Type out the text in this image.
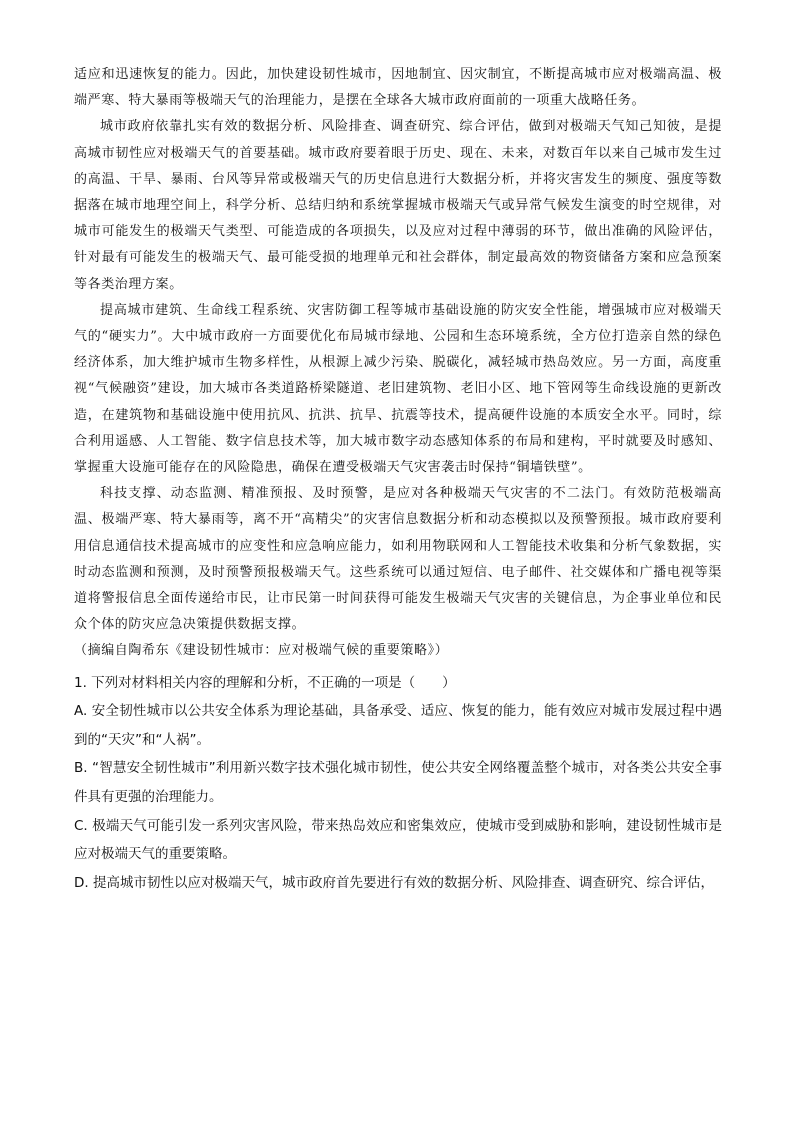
适应和迅速恢复的能力。因此，加快建设韧性城市，因地制宜、因灾制宜，不断提高城市应对极端高温、极端严寒、特大暴雨等极端天气的治理能力，是摆在全球各大城市政府面前的一项重大战略任务。

城市政府依靠扎实有效的数据分析、风险排查、调查研究、综合评估，做到对极端天气知己知彼，是提高城市韧性应对极端天气的首要基础。城市政府要着眼于历史、现在、未来，对数百年以来自己城市发生过的高温、干旱、暴雨、台风等异常或极端天气的历史信息进行大数据分析，并将灾害发生的频度、强度等数据落在城市地理空间上，科学分析、总结归纳和系统掌握城市极端天气或异常气候发生演变的时空规律，对城市可能发生的极端天气类型、可能造成的各项损失，以及应对过程中薄弱的环节，做出准确的风险评估，针对最有可能发生的极端天气、最可能受损的地理单元和社会群体，制定最高效的物资储备方案和应急预案等各类治理方案。

提高城市建筑、生命线工程系统、灾害防御工程等城市基础设施的防灾安全性能，增强城市应对极端天气的“硬实力”。大中城市政府一方面要优化布局城市绿地、公园和生态环境系统，全方位打造亲自然的绿色经济体系，加大维护城市生物多样性，从根源上减少污染、脱碳化，减轻城市热岛效应。另一方面，高度重视“气候融资”建设，加大城市各类道路桥梁隧道、老旧建筑物、老旧小区、地下管网等生命线设施的更新改造，在建筑物和基础设施中使用抗风、抗洪、抗旱、抗震等技术，提高硬件设施的本质安全水平。同时，综合利用遥感、人工智能、数字信息技术等，加大城市数字动态感知体系的布局和建构，平时就要及时感知、掌握重大设施可能存在的风险隐患，确保在遭受极端天气灾害袭击时保持“铜墙铁壁”。

科技支撑、动态监测、精准预报、及时预警，是应对各种极端天气灾害的不二法门。有效防范极端高温、极端严寒、特大暴雨等，离不开“高精尖”的灾害信息数据分析和动态模拟以及预警预报。城市政府要利用信息通信技术提高城市的应变性和应急响应能力，如利用物联网和人工智能技术收集和分析气象数据，实时动态监测和预测，及时预警预报极端天气。这些系统可以通过短信、电子邮件、社交媒体和广播电视等渠道将警报信息全面传递给市民，让市民第一时间获得可能发生极端天气灾害的关键信息，为企事业单位和民众个体的防灾应急决策提供数据支撑。

（摘编自陶希东《建设韧性城市：应对极端气候的重要策略》）

1. 下列对材料相关内容的理解和分析，不正确的一项是（　　）

A. 安全韧性城市以公共安全体系为理论基础，具备承受、适应、恢复的能力，能有效应对城市发展过程中遇到的“天灾”和“人祸”。

B. “智慧安全韧性城市”利用新兴数字技术强化城市韧性，使公共安全网络覆盖整个城市，对各类公共安全事件具有更强的治理能力。

C. 极端天气可能引发一系列灾害风险，带来热岛效应和密集效应，使城市受到威胁和影响，建设韧性城市是应对极端天气的重要策略。

D. 提高城市韧性以应对极端天气，城市政府首先要进行有效的数据分析、风险排查、调查研究、综合评估，
